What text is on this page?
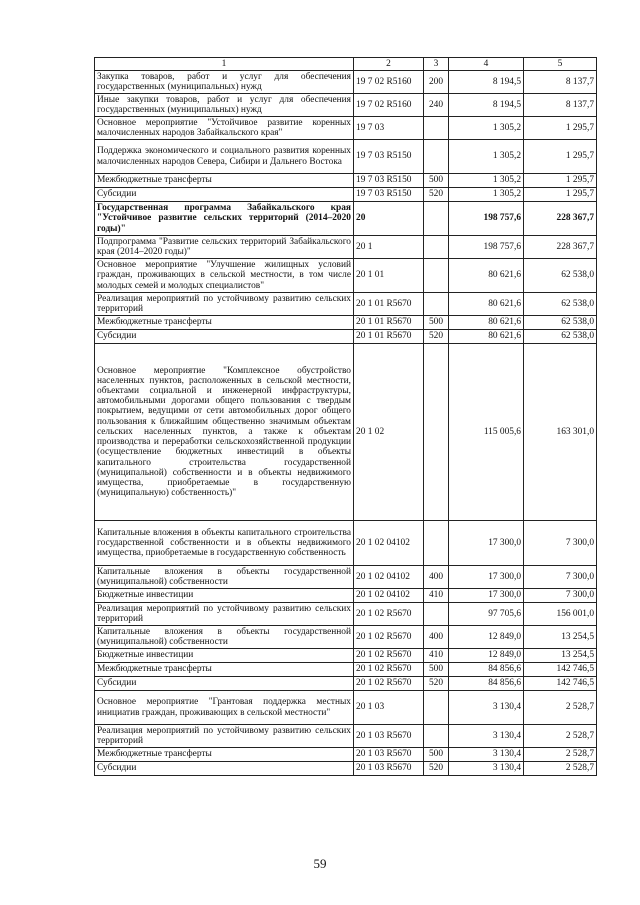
1	2	3	4	5
Закупка товаров, работ и услуг для обеспечения государственных (муниципальных) нужд	19 7 02 R5160	200	8 194,5	8 137,7
Иные закупки товаров, работ и услуг для обеспечения государственных (муниципальных) нужд	19 7 02 R5160	240	8 194,5	8 137,7
Основное мероприятие "Устойчивое развитие коренных малочисленных народов Забайкальского края"	19 7 03		1 305,2	1 295,7
Поддержка экономического и социального развития коренных малочисленных народов Севера, Сибири и Дальнего Востока	19 7 03 R5150		1 305,2	1 295,7
Межбюджетные трансферты	19 7 03 R5150	500	1 305,2	1 295,7
Субсидии	19 7 03 R5150	520	1 305,2	1 295,7
Государственная программа Забайкальского края "Устойчивое развитие сельских территорий (2014–2020 годы)"	20		198 757,6	228 367,7
Подпрограмма "Развитие сельских территорий Забайкальского края (2014–2020 годы)"	20 1		198 757,6	228 367,7
Основное мероприятие "Улучшение жилищных условий граждан, проживающих в сельской местности, в том числе молодых семей и молодых специалистов"	20 1 01		80 621,6	62 538,0
Реализация мероприятий по устойчивому развитию сельских территорий	20 1 01 R5670		80 621,6	62 538,0
Межбюджетные трансферты	20 1 01 R5670	500	80 621,6	62 538,0
Субсидии	20 1 01 R5670	520	80 621,6	62 538,0
Основное мероприятие "Комплексное обустройство населенных пунктов, расположенных в сельской местности, объектами социальной и инженерной инфраструктуры, автомобильными дорогами общего пользования с твердым покрытием, ведущими от сети автомобильных дорог общего пользования к ближайшим общественно значимым объектам сельских населенных пунктов, а также к объектам производства и переработки сельскохозяйственной продукции (осуществление бюджетных инвестиций в объекты капитального строительства государственной (муниципальной) собственности и в объекты недвижимого имущества, приобретаемые в государственную (муниципальную) собственность)"	20 1 02		115 005,6	163 301,0
Капитальные вложения в объекты капитального строительства государственной собственности и в объекты недвижимого имущества, приобретаемые в государственную собственность	20 1 02 04102		17 300,0	7 300,0
Капитальные вложения в объекты государственной (муниципальной) собственности	20 1 02 04102	400	17 300,0	7 300,0
Бюджетные инвестиции	20 1 02 04102	410	17 300,0	7 300,0
Реализация мероприятий по устойчивому развитию сельских территорий	20 1 02 R5670		97 705,6	156 001,0
Капитальные вложения в объекты государственной (муниципальной) собственности	20 1 02 R5670	400	12 849,0	13 254,5
Бюджетные инвестиции	20 1 02 R5670	410	12 849,0	13 254,5
Межбюджетные трансферты	20 1 02 R5670	500	84 856,6	142 746,5
Субсидии	20 1 02 R5670	520	84 856,6	142 746,5
Основное мероприятие "Грантовая поддержка местных инициатив граждан, проживающих в сельской местности"	20 1 03		3 130,4	2 528,7
Реализация мероприятий по устойчивому развитию сельских территорий	20 1 03 R5670		3 130,4	2 528,7
Межбюджетные трансферты	20 1 03 R5670	500	3 130,4	2 528,7
Субсидии	20 1 03 R5670	520	3 130,4	2 528,7
59
